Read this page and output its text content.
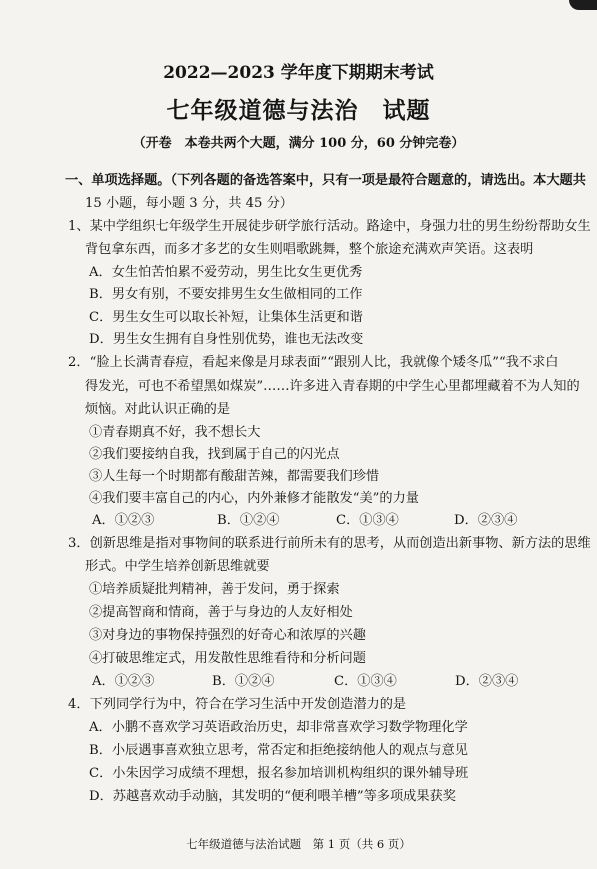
2022—2023 学年度下期期末考试
七年级道德与法治　试题
（开卷　本卷共两个大题，满分 100 分，60 分钟完卷）
一、单项选择题。（下列各题的备选答案中，只有一项是最符合题意的，请选出。本大题共
15 小题，每小题 3 分，共 45 分）
1、某中学组织七年级学生开展徒步研学旅行活动。路途中，身强力壮的男生纷纷帮助女生
背包拿东西，而多才多艺的女生则唱歌跳舞，整个旅途充满欢声笑语。这表明
A．女生怕苦怕累不爱劳动，男生比女生更优秀
B．男女有别，不要安排男生女生做相同的工作
C．男生女生可以取长补短，让集体生活更和谐
D．男生女生拥有自身性别优势，谁也无法改变
2．“脸上长满青春痘，看起来像是月球表面”“跟别人比，我就像个矮冬瓜”“我不求白
得发光，可也不希望黑如煤炭”……许多进入青春期的中学生心里都埋藏着不为人知的
烦恼。对此认识正确的是
①青春期真不好，我不想长大
②我们要接纳自我，找到属于自己的闪光点
③人生每一个时期都有酸甜苦辣，都需要我们珍惜
④我们要丰富自己的内心，内外兼修才能散发“美”的力量
A．①②③	B．①②④	C．①③④	D．②③④
3．创新思维是指对事物间的联系进行前所未有的思考，从而创造出新事物、新方法的思维
形式。中学生培养创新思维就要
①培养质疑批判精神，善于发问，勇于探索
②提高智商和情商，善于与身边的人友好相处
③对身边的事物保持强烈的好奇心和浓厚的兴趣
④打破思维定式，用发散性思维看待和分析问题
A．①②③	B．①②④	C．①③④	D．②③④
4．下列同学行为中，符合在学习生活中开发创造潜力的是
A．小鹏不喜欢学习英语政治历史，却非常喜欢学习数学物理化学
B．小辰遇事喜欢独立思考，常否定和拒绝接纳他人的观点与意见
C．小朱因学习成绩不理想，报名参加培训机构组织的课外辅导班
D．苏越喜欢动手动脑，其发明的“便利喂羊槽”等多项成果获奖
七年级道德与法治试题　第 1 页（共 6 页）
